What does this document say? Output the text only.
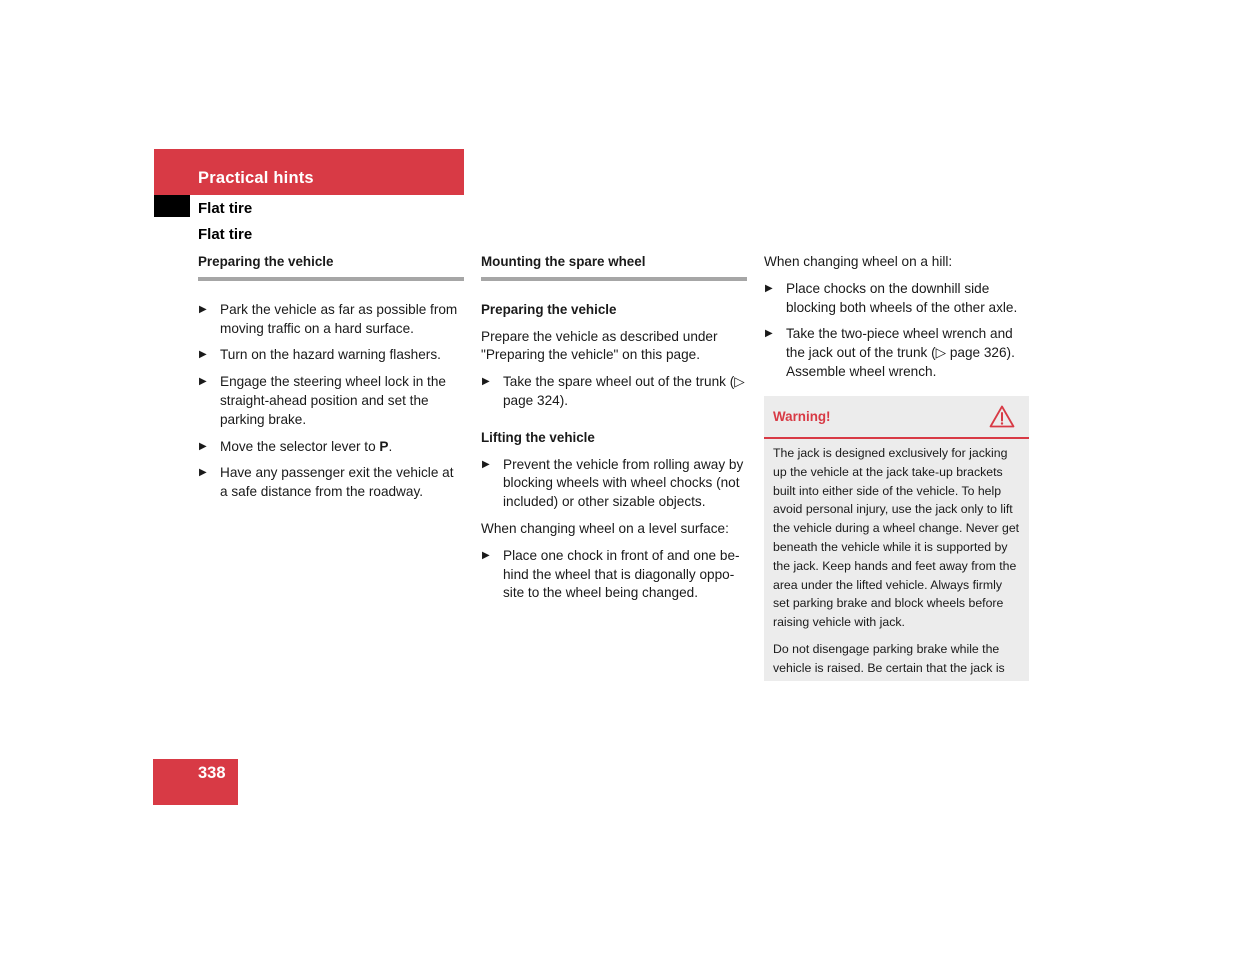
Practical hints
Flat tire
Flat tire
Preparing the vehicle
▶ Park the vehicle as far as possible from moving traffic on a hard surface.
▶ Turn on the hazard warning flashers.
▶ Engage the steering wheel lock in the straight-ahead position and set the parking brake.
▶ Move the selector lever to P.
▶ Have any passenger exit the vehicle at a safe distance from the roadway.
Mounting the spare wheel
Preparing the vehicle

Prepare the vehicle as described under "Preparing the vehicle" on this page.

▶ Take the spare wheel out of the trunk (▷ page 324).
Lifting the vehicle
▶ Prevent the vehicle from rolling away by blocking wheels with wheel chocks (not included) or other sizable objects.

When changing wheel on a level surface:

▶ Place one chock in front of and one be-hind the wheel that is diagonally oppo-site to the wheel being changed.

When changing wheel on a hill:

▶ Place chocks on the downhill side blocking both wheels of the other axle.
▶ Take the two-piece wheel wrench and the jack out of the trunk (▷ page 326). Assemble wheel wrench.
Warning!

The jack is designed exclusively for jacking up the vehicle at the jack take-up brackets built into either side of the vehicle. To help avoid personal injury, use the jack only to lift the vehicle during a wheel change. Never get beneath the vehicle while it is supported by the jack. Keep hands and feet away from the area under the lifted vehicle. Always firmly set parking brake and block wheels before raising vehicle with jack.

Do not disengage parking brake while the vehicle is raised. Be certain that the jack is

338
